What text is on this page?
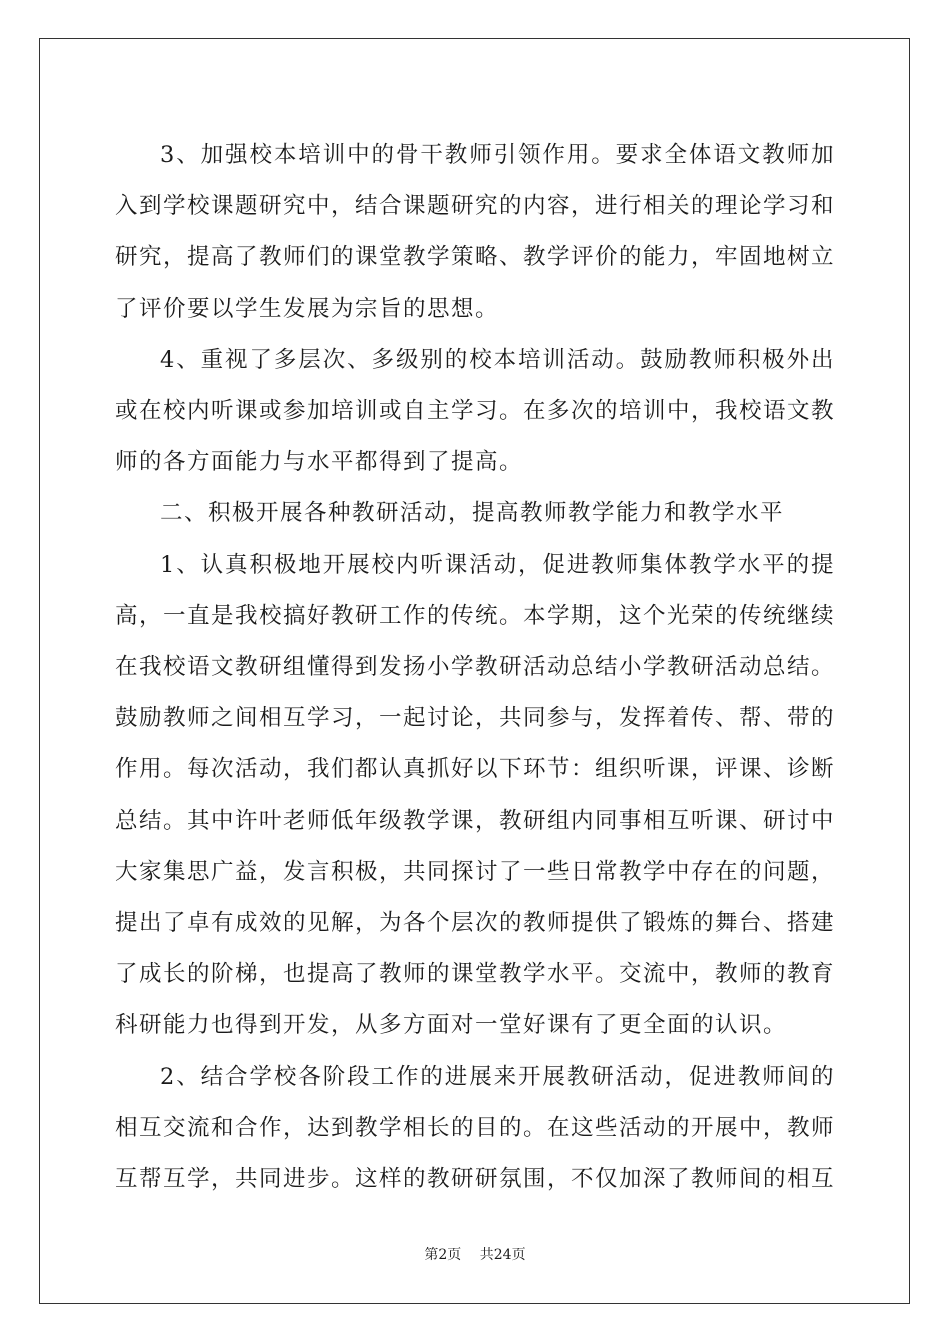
3、加强校本培训中的骨干教师引领作用。要求全体语文教师加入到学校课题研究中，结合课题研究的内容，进行相关的理论学习和研究，提高了教师们的课堂教学策略、教学评价的能力，牢固地树立了评价要以学生发展为宗旨的思想。

4、重视了多层次、多级别的校本培训活动。鼓励教师积极外出或在校内听课或参加培训或自主学习。在多次的培训中，我校语文教师的各方面能力与水平都得到了提高。

二、积极开展各种教研活动，提高教师教学能力和教学水平

1、认真积极地开展校内听课活动，促进教师集体教学水平的提高，一直是我校搞好教研工作的传统。本学期，这个光荣的传统继续在我校语文教研组懂得到发扬小学教研活动总结小学教研活动总结。鼓励教师之间相互学习，一起讨论，共同参与，发挥着传、帮、带的作用。每次活动，我们都认真抓好以下环节：组织听课，评课、诊断总结。其中许叶老师低年级教学课，教研组内同事相互听课、研讨中大家集思广益，发言积极，共同探讨了一些日常教学中存在的问题，提出了卓有成效的见解，为各个层次的教师提供了锻炼的舞台、搭建了成长的阶梯，也提高了教师的课堂教学水平。交流中，教师的教育科研能力也得到开发，从多方面对一堂好课有了更全面的认识。

2、结合学校各阶段工作的进展来开展教研活动，促进教师间的相互交流和合作，达到教学相长的目的。在这些活动的开展中，教师互帮互学，共同进步。这样的教研研氛围，不仅加深了教师间的相互

第2页 共24页
